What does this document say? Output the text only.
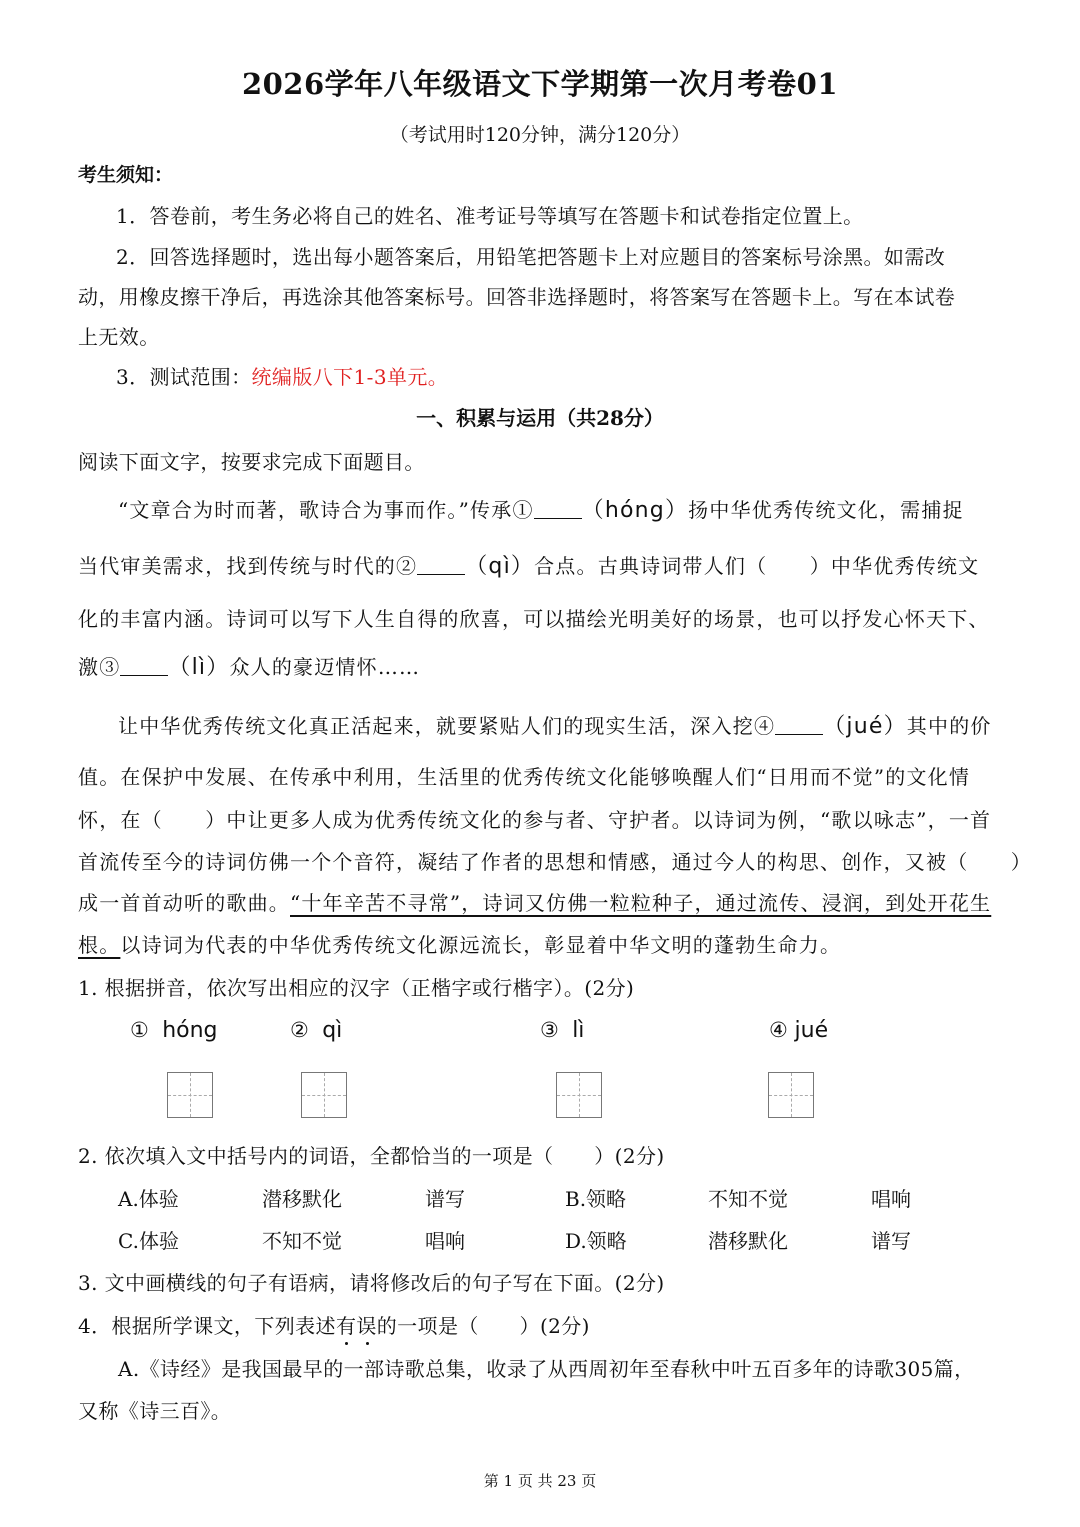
2026学年八年级语文下学期第一次月考卷01
（考试用时120分钟，满分120分）
考生须知：
1．答卷前，考生务必将自己的姓名、准考证号等填写在答题卡和试卷指定位置上。
2．回答选择题时，选出每小题答案后，用铅笔把答题卡上对应题目的答案标号涂黑。如需改
动，用橡皮擦干净后，再选涂其他答案标号。回答非选择题时，将答案写在答题卡上。写在本试卷
上无效。
3．测试范围：统编版八下1-3单元。
一、积累与运用（共28分）
阅读下面文字，按要求完成下面题目。
“文章合为时而著，歌诗合为事而作。”传承① （hóng）扬中华优秀传统文化，需捕捉
当代审美需求，找到传统与时代的② （qì）合点。古典诗词带人们（　　）中华优秀传统文
化的丰富内涵。诗词可以写下人生自得的欣喜，可以描绘光明美好的场景，也可以抒发心怀天下、
激③ （lì）众人的豪迈情怀……
让中华优秀传统文化真正活起来，就要紧贴人们的现实生活，深入挖④ （jué）其中的价
值。在保护中发展、在传承中利用，生活里的优秀传统文化能够唤醒人们“日用而不觉”的文化情
怀，在（　　）中让更多人成为优秀传统文化的参与者、守护者。以诗词为例，“歌以咏志”，一首
首流传至今的诗词仿佛一个个音符，凝结了作者的思想和情感，通过今人的构思、创作，又被（　　）
成一首首动听的歌曲。“十年辛苦不寻常”，诗词又仿佛一粒粒种子，通过流传、浸润，到处开花生
根。以诗词为代表的中华优秀传统文化源远流长，彰显着中华文明的蓬勃生命力。
1. 根据拼音，依次写出相应的汉字（正楷字或行楷字）。(2分)
① hóng	② qì	③ lì	④ jué
2. 依次填入文中括号内的词语，全都恰当的一项是（　　）(2分)
A.体验	潜移默化	谱写	B.领略	不知不觉	唱响
C.体验	不知不觉	唱响	D.领略	潜移默化	谱写
3. 文中画横线的句子有语病，请将修改后的句子写在下面。(2分)
4．根据所学课文，下列表述有误的一项是（　　）(2分)
A.《诗经》是我国最早的一部诗歌总集，收录了从西周初年至春秋中叶五百多年的诗歌305篇，
又称《诗三百》。
第 1 页 共 23 页
